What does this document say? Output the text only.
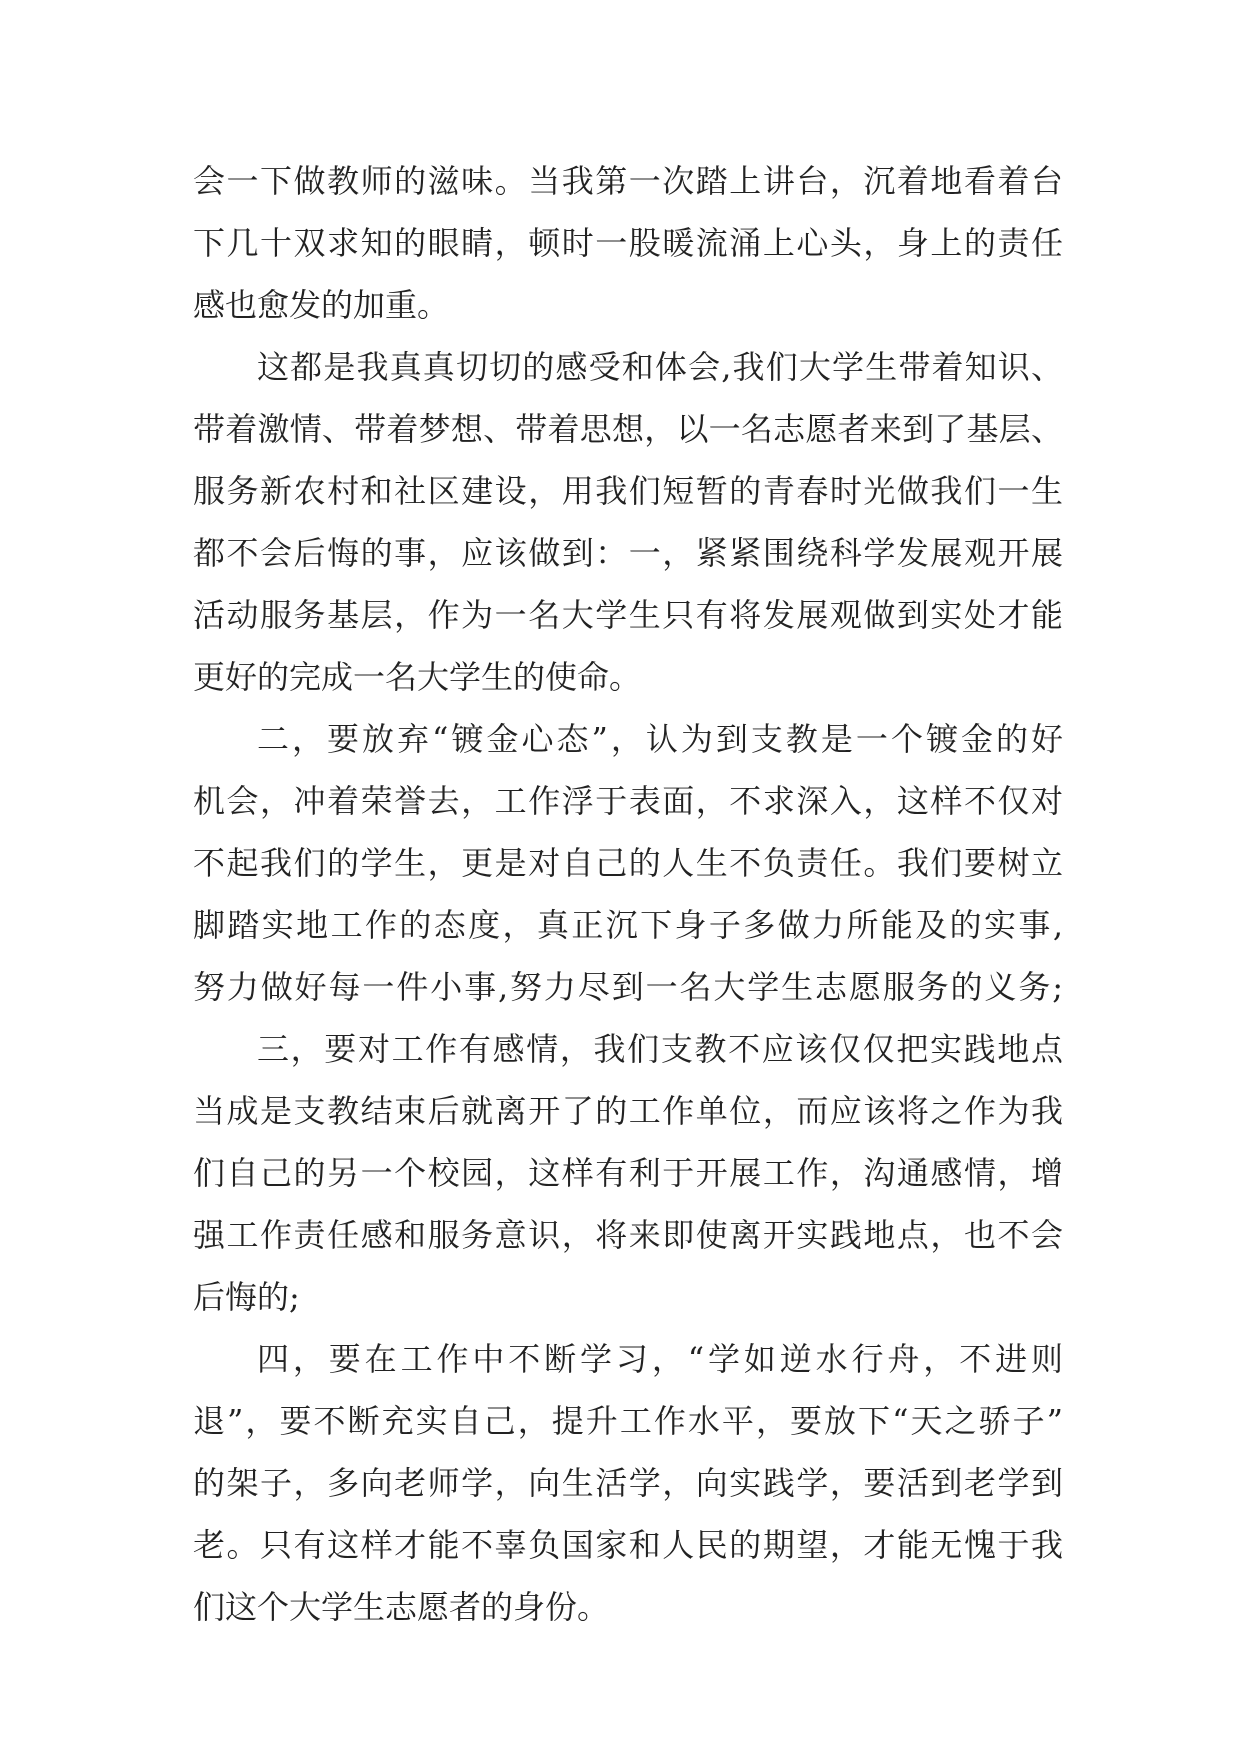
会一下做教师的滋味。当我第一次踏上讲台，沉着地看着台
下几十双求知的眼睛，顿时一股暖流涌上心头，身上的责任
感也愈发的加重。
这都是我真真切切的感受和体会,我们大学生带着知识、
带着激情、带着梦想、带着思想，以一名志愿者来到了基层、
服务新农村和社区建设，用我们短暂的青春时光做我们一生
都不会后悔的事，应该做到：一，紧紧围绕科学发展观开展
活动服务基层，作为一名大学生只有将发展观做到实处才能
更好的完成一名大学生的使命。
二，要放弃“镀金心态”，认为到支教是一个镀金的好
机会，冲着荣誉去，工作浮于表面，不求深入，这样不仅对
不起我们的学生，更是对自己的人生不负责任。我们要树立
脚踏实地工作的态度，真正沉下身子多做力所能及的实事,
努力做好每一件小事,努力尽到一名大学生志愿服务的义务;
三，要对工作有感情，我们支教不应该仅仅把实践地点
当成是支教结束后就离开了的工作单位，而应该将之作为我
们自己的另一个校园，这样有利于开展工作，沟通感情，增
强工作责任感和服务意识，将来即使离开实践地点，也不会
后悔的;
四，要在工作中不断学习，“学如逆水行舟，不进则
退”，要不断充实自己，提升工作水平，要放下“天之骄子”
的架子，多向老师学，向生活学，向实践学，要活到老学到
老。只有这样才能不辜负国家和人民的期望，才能无愧于我
们这个大学生志愿者的身份。
